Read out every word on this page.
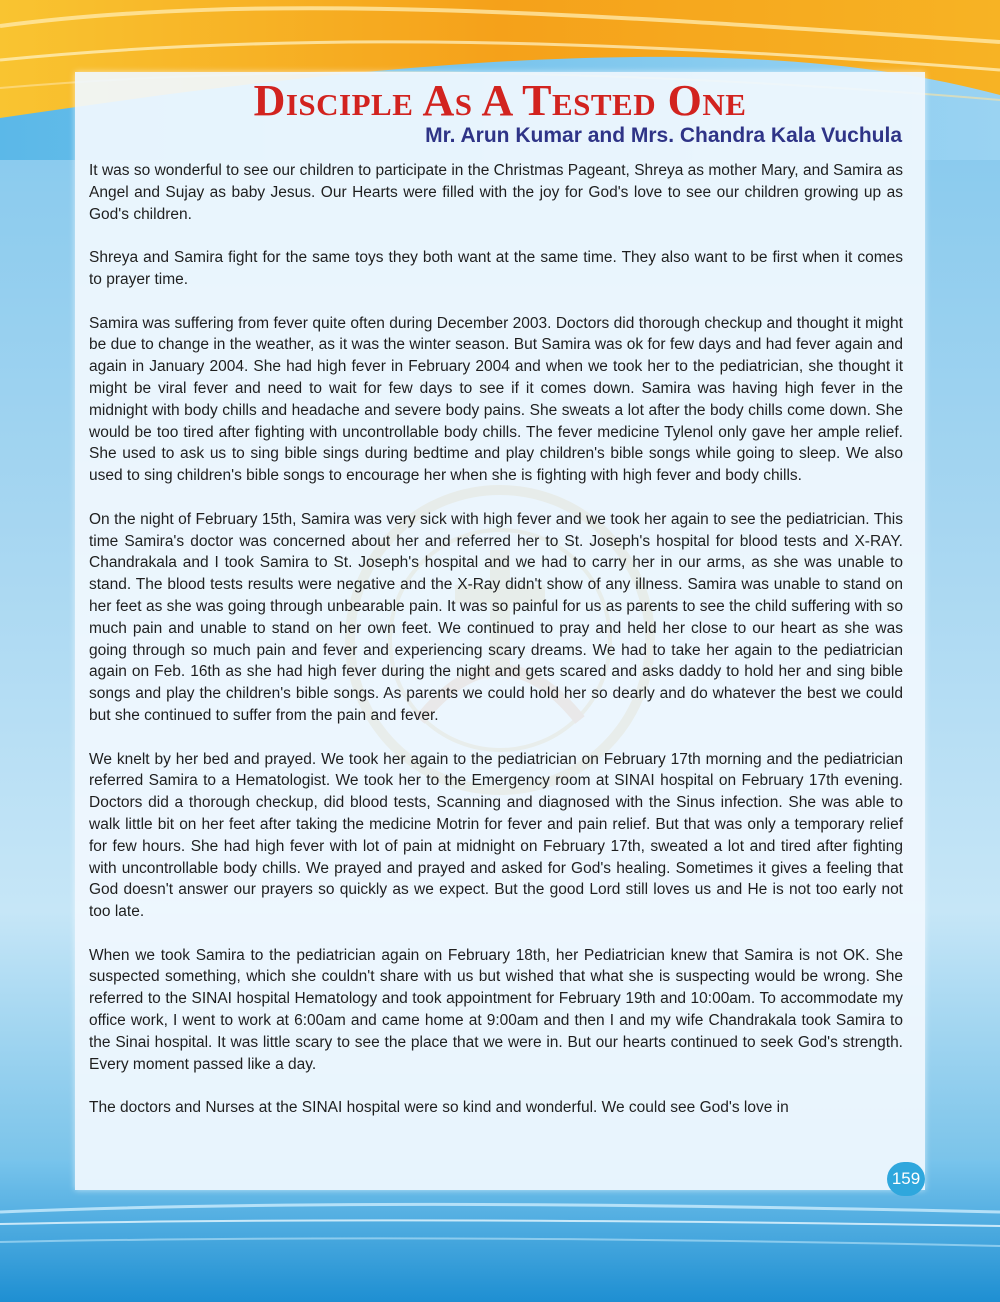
Disciple As A Tested One
Mr. Arun Kumar and Mrs. Chandra Kala Vuchula

It was so wonderful to see our children to participate in the Christmas Pageant, Shreya as mother Mary, and Samira as Angel and Sujay as baby Jesus. Our Hearts were filled with the joy for God's love to see our children growing up as God's children.

Shreya and Samira fight for the same toys they both want at the same time. They also want to be first when it comes to prayer time.

Samira was suffering from fever quite often during December 2003. Doctors did thorough checkup and thought it might be due to change in the weather, as it was the winter season. But Samira was ok for few days and had fever again and again in January 2004. She had high fever in February 2004 and when we took her to the pediatrician, she thought it might be viral fever and need to wait for few days to see if it comes down. Samira was having high fever in the midnight with body chills and headache and severe body pains. She sweats a lot after the body chills come down. She would be too tired after fighting with uncontrollable body chills. The fever medicine Tylenol only gave her ample relief. She used to ask us to sing bible sings during bedtime and play children's bible songs while going to sleep. We also used to sing children's bible songs to encourage her when she is fighting with high fever and body chills.

On the night of February 15th, Samira was very sick with high fever and we took her again to see the pediatrician. This time Samira's doctor was concerned about her and referred her to St. Joseph's hospital for blood tests and X-RAY. Chandrakala and I took Samira to St. Joseph's hospital and we had to carry her in our arms, as she was unable to stand. The blood tests results were negative and the X-Ray didn't show of any illness. Samira was unable to stand on her feet as she was going through unbearable pain. It was so painful for us as parents to see the child suffering with so much pain and unable to stand on her own feet. We continued to pray and held her close to our heart as she was going through so much pain and fever and experiencing scary dreams. We had to take her again to the pediatrician again on Feb. 16th as she had high fever during the night and gets scared and asks daddy to hold her and sing bible songs and play the children's bible songs. As parents we could hold her so dearly and do whatever the best we could but she continued to suffer from the pain and fever.

We knelt by her bed and prayed. We took her again to the pediatrician on February 17th morning and the pediatrician referred Samira to a Hematologist. We took her to the Emergency room at SINAI hospital on February 17th evening. Doctors did a thorough checkup, did blood tests, Scanning and diagnosed with the Sinus infection. She was able to walk little bit on her feet after taking the medicine Motrin for fever and pain relief. But that was only a temporary relief for few hours. She had high fever with lot of pain at midnight on February 17th, sweated a lot and tired after fighting with uncontrollable body chills. We prayed and prayed and asked for God's healing. Sometimes it gives a feeling that God doesn't answer our prayers so quickly as we expect. But the good Lord still loves us and He is not too early not too late.

When we took Samira to the pediatrician again on February 18th, her Pediatrician knew that Samira is not OK. She suspected something, which she couldn't share with us but wished that what she is suspecting would be wrong. She referred to the SINAI hospital Hematology and took appointment for February 19th and 10:00am. To accommodate my office work, I went to work at 6:00am and came home at 9:00am and then I and my wife Chandrakala took Samira to the Sinai hospital. It was little scary to see the place that we were in. But our hearts continued to seek God's strength. Every moment passed like a day.

The doctors and Nurses at the SINAI hospital were so kind and wonderful. We could see God's love in

159
